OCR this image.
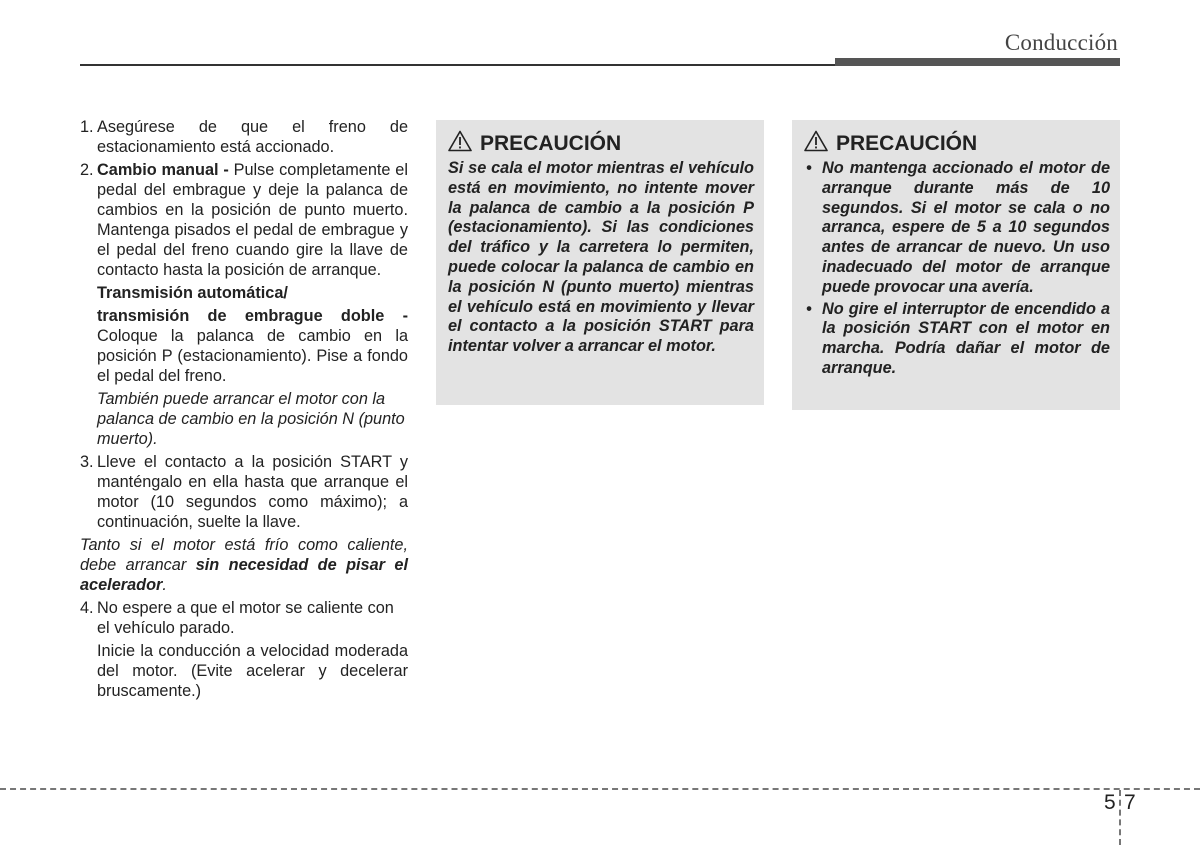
Conducción
1. Asegúrese de que el freno de estacionamiento está accionado.
2. Cambio manual - Pulse completamente el pedal del embrague y deje la palanca de cambios en la posición de punto muerto. Mantenga pisados el pedal de embrague y el pedal del freno cuando gire la llave de contacto hasta la posición de arranque.
Transmisión automática/
transmisión de embrague doble - Coloque la palanca de cambio en la posición P (estacionamiento). Pise a fondo el pedal del freno.
También puede arrancar el motor con la palanca de cambio en la posición N (punto muerto).
3. Lleve el contacto a la posición START y manténgalo en ella hasta que arranque el motor (10 segundos como máximo); a continuación, suelte la llave.
Tanto si el motor está frío como caliente, debe arrancar sin necesidad de pisar el acelerador.
4. No espere a que el motor se caliente con el vehículo parado.
Inicie la conducción a velocidad moderada del motor. (Evite acelerar y decelerar bruscamente.)
PRECAUCIÓN
Si se cala el motor mientras el vehículo está en movimiento, no intente mover la palanca de cambio a la posición P (estacionamiento). Si las condiciones del tráfico y la carretera lo permiten, puede colocar la palanca de cambio en la posición N (punto muerto) mientras el vehículo está en movimiento y llevar el contacto a la posición START para intentar volver a arrancar el motor.
PRECAUCIÓN
• No mantenga accionado el motor de arranque durante más de 10 segundos. Si el motor se cala o no arranca, espere de 5 a 10 segundos antes de arrancar de nuevo. Un uso inadecuado del motor de arranque puede provocar una avería.
• No gire el interruptor de encendido a la posición START con el motor en marcha. Podría dañar el motor de arranque.
5 7
